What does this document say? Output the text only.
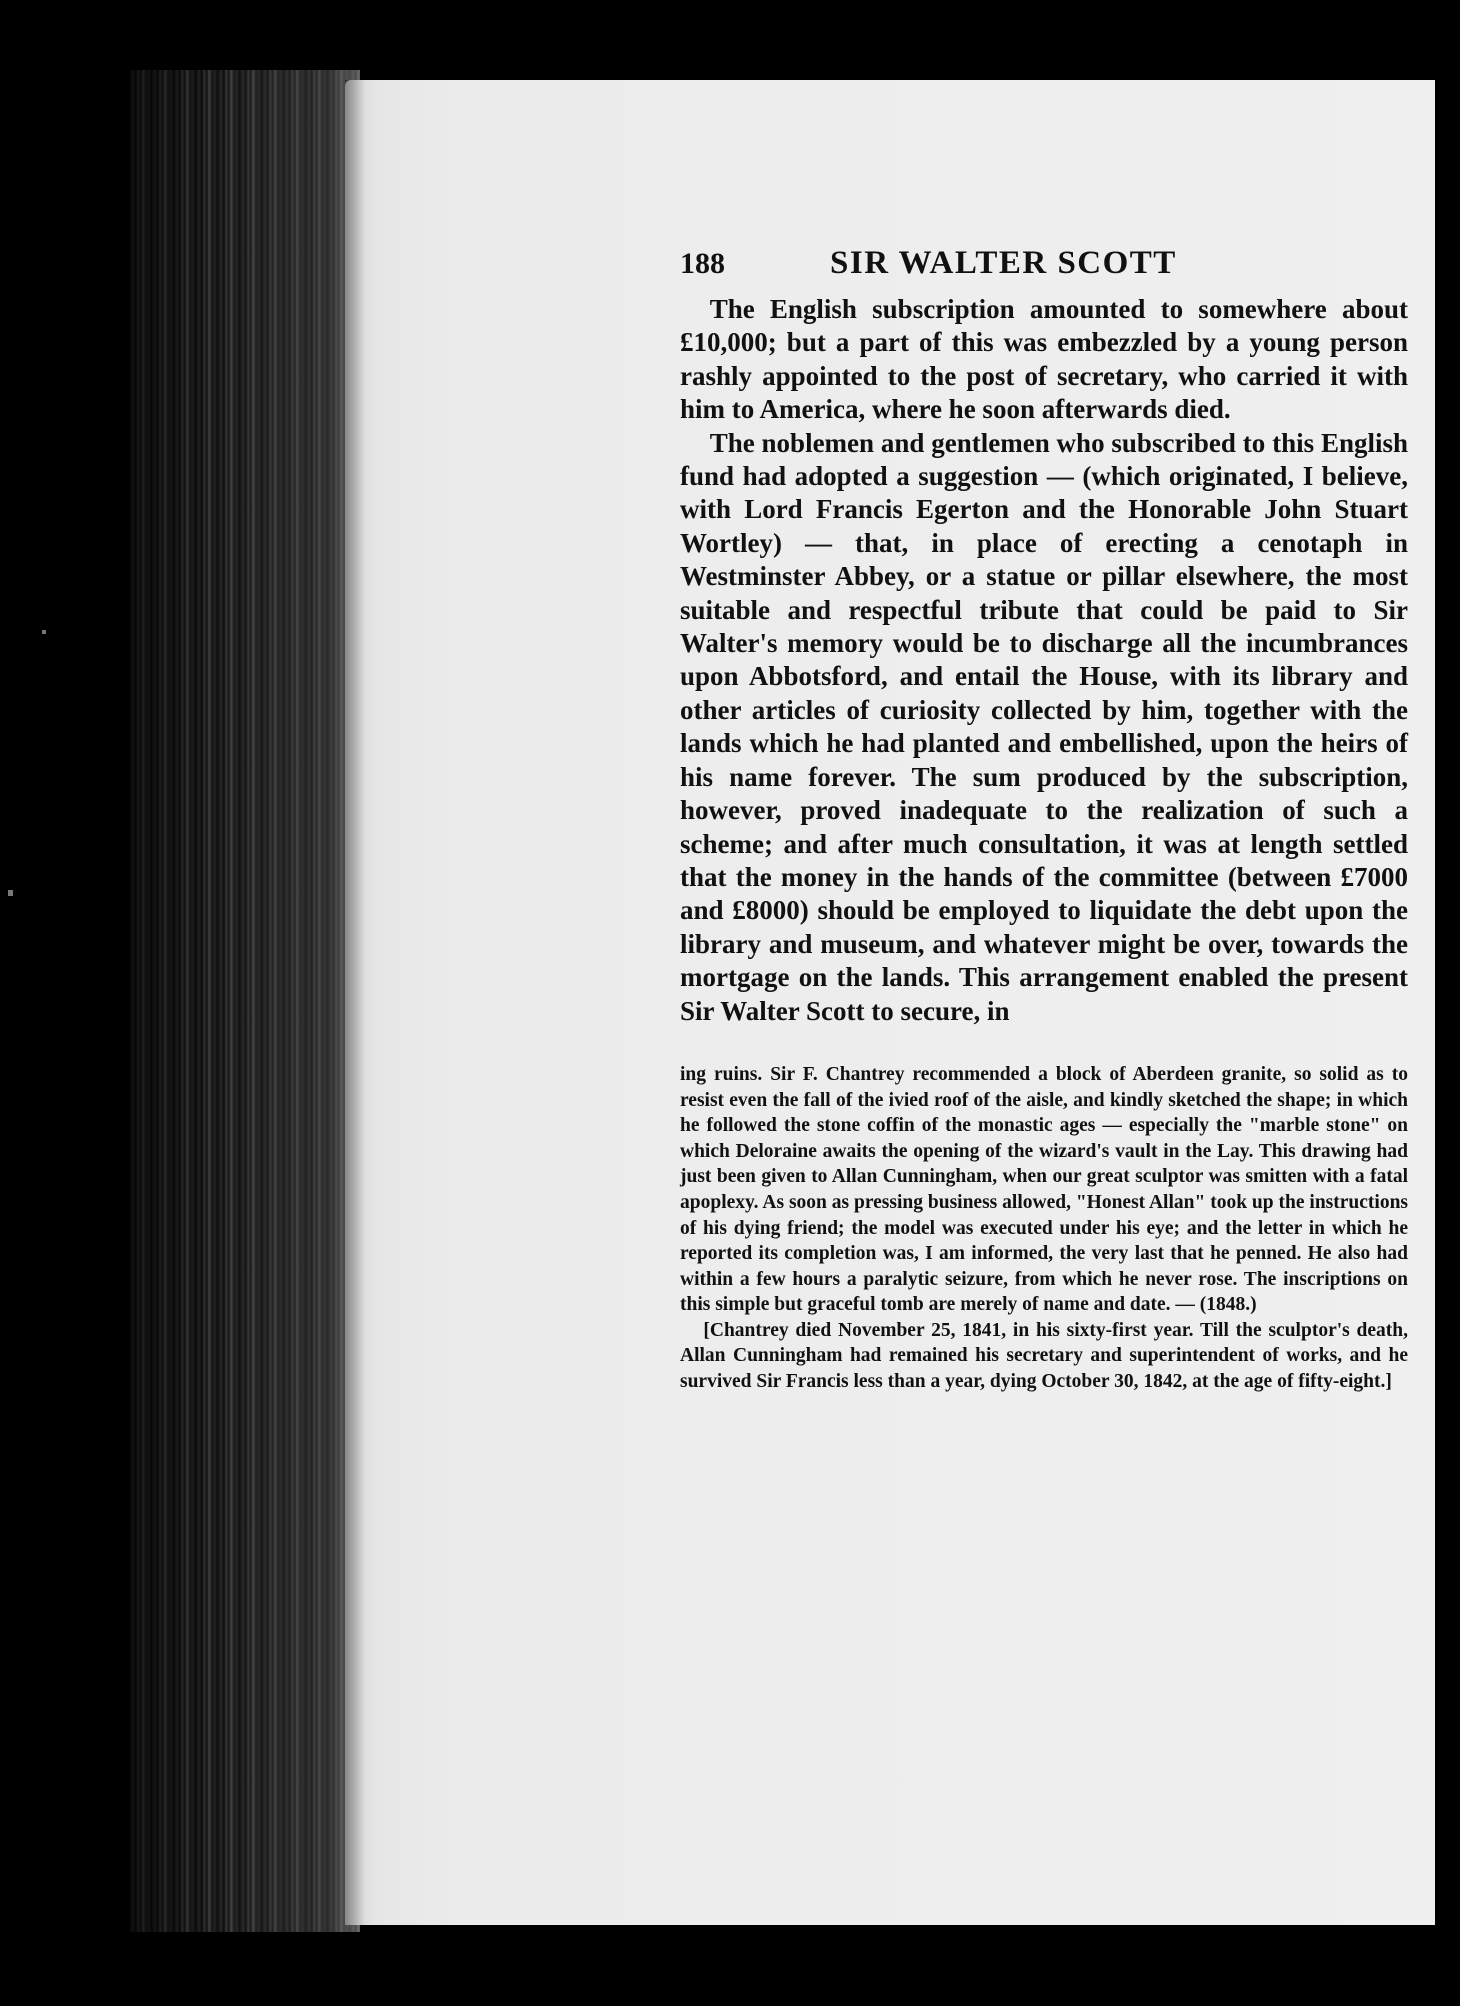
188	SIR WALTER SCOTT

The English subscription amounted to somewhere about £10,000; but a part of this was embezzled by a young person rashly appointed to the post of secretary, who carried it with him to America, where he soon afterwards died.

The noblemen and gentlemen who subscribed to this English fund had adopted a suggestion — (which originated, I believe, with Lord Francis Egerton and the Honorable John Stuart Wortley) — that, in place of erecting a cenotaph in Westminster Abbey, or a statue or pillar elsewhere, the most suitable and respectful tribute that could be paid to Sir Walter's memory would be to discharge all the incumbrances upon Abbotsford, and entail the House, with its library and other articles of curiosity collected by him, together with the lands which he had planted and embellished, upon the heirs of his name forever. The sum produced by the subscription, however, proved inadequate to the realization of such a scheme; and after much consultation, it was at length settled that the money in the hands of the committee (between £7000 and £8000) should be employed to liquidate the debt upon the library and museum, and whatever might be over, towards the mortgage on the lands. This arrangement enabled the present Sir Walter Scott to secure, in

ing ruins. Sir F. Chantrey recommended a block of Aberdeen granite, so solid as to resist even the fall of the ivied roof of the aisle, and kindly sketched the shape; in which he followed the stone coffin of the monastic ages — especially the "marble stone" on which Deloraine awaits the opening of the wizard's vault in the Lay. This drawing had just been given to Allan Cunningham, when our great sculptor was smitten with a fatal apoplexy. As soon as pressing business allowed, "Honest Allan" took up the instructions of his dying friend; the model was executed under his eye; and the letter in which he reported its completion was, I am informed, the very last that he penned. He also had within a few hours a paralytic seizure, from which he never rose. The inscriptions on this simple but graceful tomb are merely of name and date. — (1848.)

[Chantrey died November 25, 1841, in his sixty-first year. Till the sculptor's death, Allan Cunningham had remained his secretary and superintendent of works, and he survived Sir Francis less than a year, dying October 30, 1842, at the age of fifty-eight.]
